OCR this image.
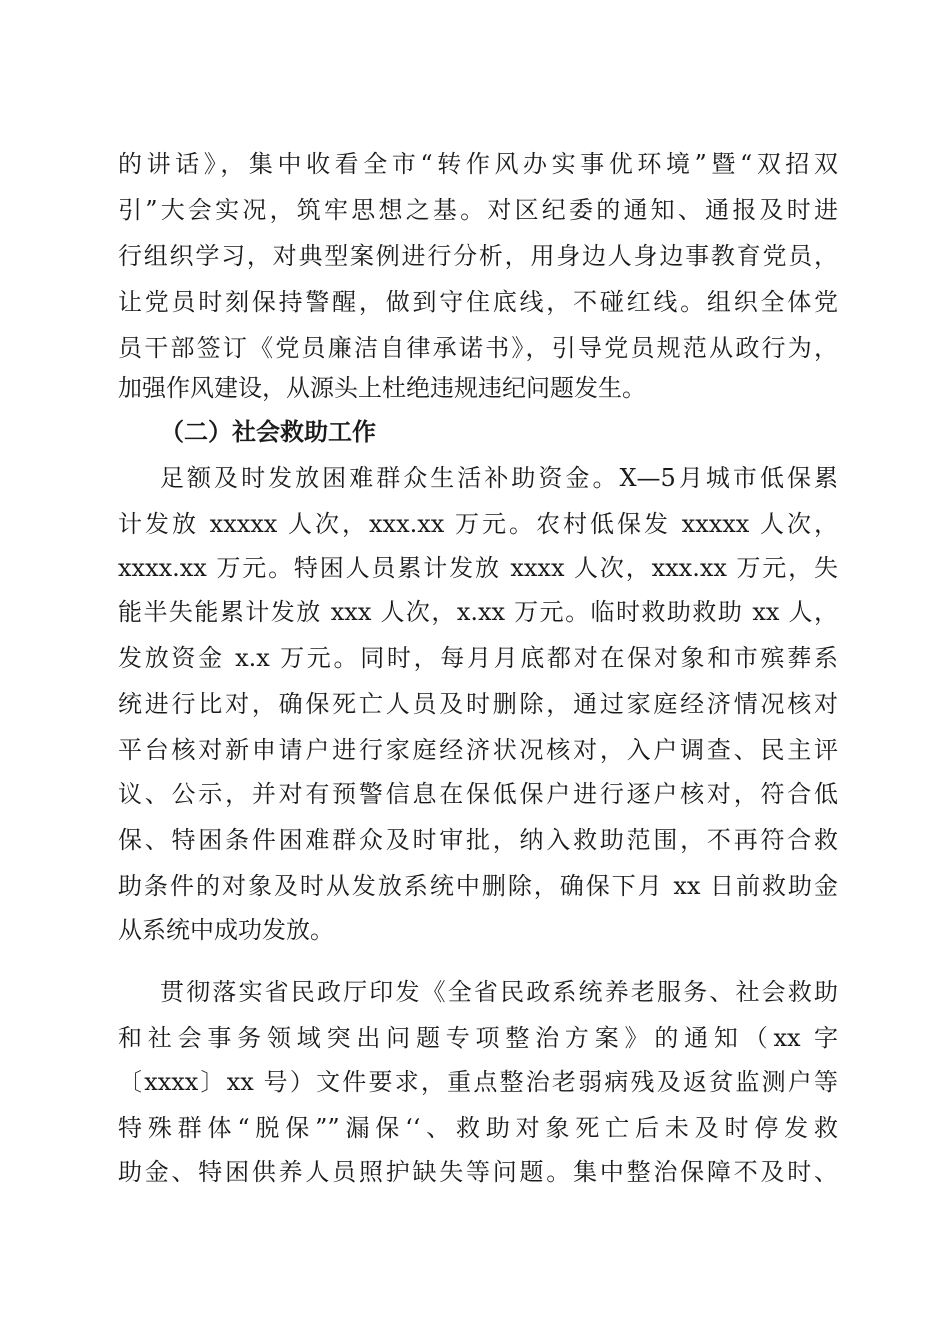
的讲话》，集中收看全市“转作风办实事优环境”暨“双招双
引”大会实况，筑牢思想之基。对区纪委的通知、通报及时进
行组织学习，对典型案例进行分析，用身边人身边事教育党员，
让党员时刻保持警醒，做到守住底线，不碰红线。组织全体党
员干部签订《党员廉洁自律承诺书》，引导党员规范从政行为，
加强作风建设，从源头上杜绝违规违纪问题发生。
（二）社会救助工作
足额及时发放困难群众生活补助资金。X—5月城市低保累
计发放 xxxxx 人次，xxx.xx 万元。农村低保发 xxxxx 人次，
xxxx.xx 万元。特困人员累计发放 xxxx 人次，xxx.xx 万元，失
能半失能累计发放 xxx 人次，x.xx 万元。临时救助救助 xx 人，
发放资金 x.x 万元。同时，每月月底都对在保对象和市殡葬系
统进行比对，确保死亡人员及时删除，通过家庭经济情况核对
平台核对新申请户进行家庭经济状况核对，入户调查、民主评
议、公示，并对有预警信息在保低保户进行逐户核对，符合低
保、特困条件困难群众及时审批，纳入救助范围，不再符合救
助条件的对象及时从发放系统中删除，确保下月 xx 日前救助金
从系统中成功发放。
贯彻落实省民政厅印发《全省民政系统养老服务、社会救助
和社会事务领域突出问题专项整治方案》的通知（xx 字
〔xxxx〕xx 号）文件要求，重点整治老弱病残及返贫监测户等
特殊群体“脱保””漏保‘‘、救助对象死亡后未及时停发救
助金、特困供养人员照护缺失等问题。集中整治保障不及时、
